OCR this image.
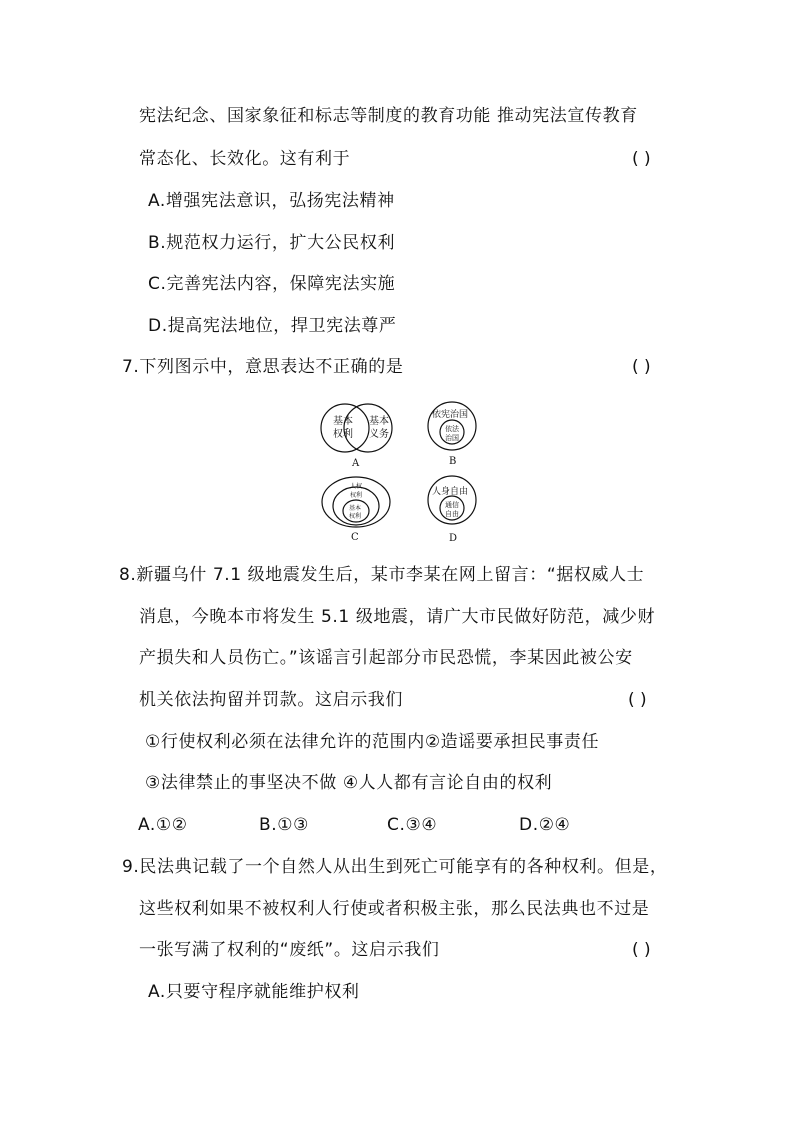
宪法纪念、国家象征和标志等制度的教育功能 推动宪法宣传教育
常态化、长效化。这有利于	( )
A.增强宪法意识，弘扬宪法精神
B.规范权力运行，扩大公民权利
C.完善宪法内容，保障宪法实施
D.提高宪法地位，捍卫宪法尊严
7.下列图示中，意思表达不正确的是	( )
基本
权利
基本
义务
A
依宪治国
依法
治国
B
人权
权利
基本
权利
C
人身自由
通信
自由
D
8.新疆乌什 7.1 级地震发生后，某市李某在网上留言：“据权威人士
消息，今晚本市将发生 5.1 级地震，请广大市民做好防范，减少财
产损失和人员伤亡。”该谣言引起部分市民恐慌，李某因此被公安
机关依法拘留并罚款。这启示我们	( )
①行使权利必须在法律允许的范围内②造谣要承担民事责任
③法律禁止的事坚决不做 ④人人都有言论自由的权利
A.①②	B.①③	C.③④	D.②④
9.民法典记载了一个自然人从出生到死亡可能享有的各种权利。但是，
这些权利如果不被权利人行使或者积极主张，那么民法典也不过是
一张写满了权利的“废纸”。这启示我们	( )
A.只要守程序就能维护权利
